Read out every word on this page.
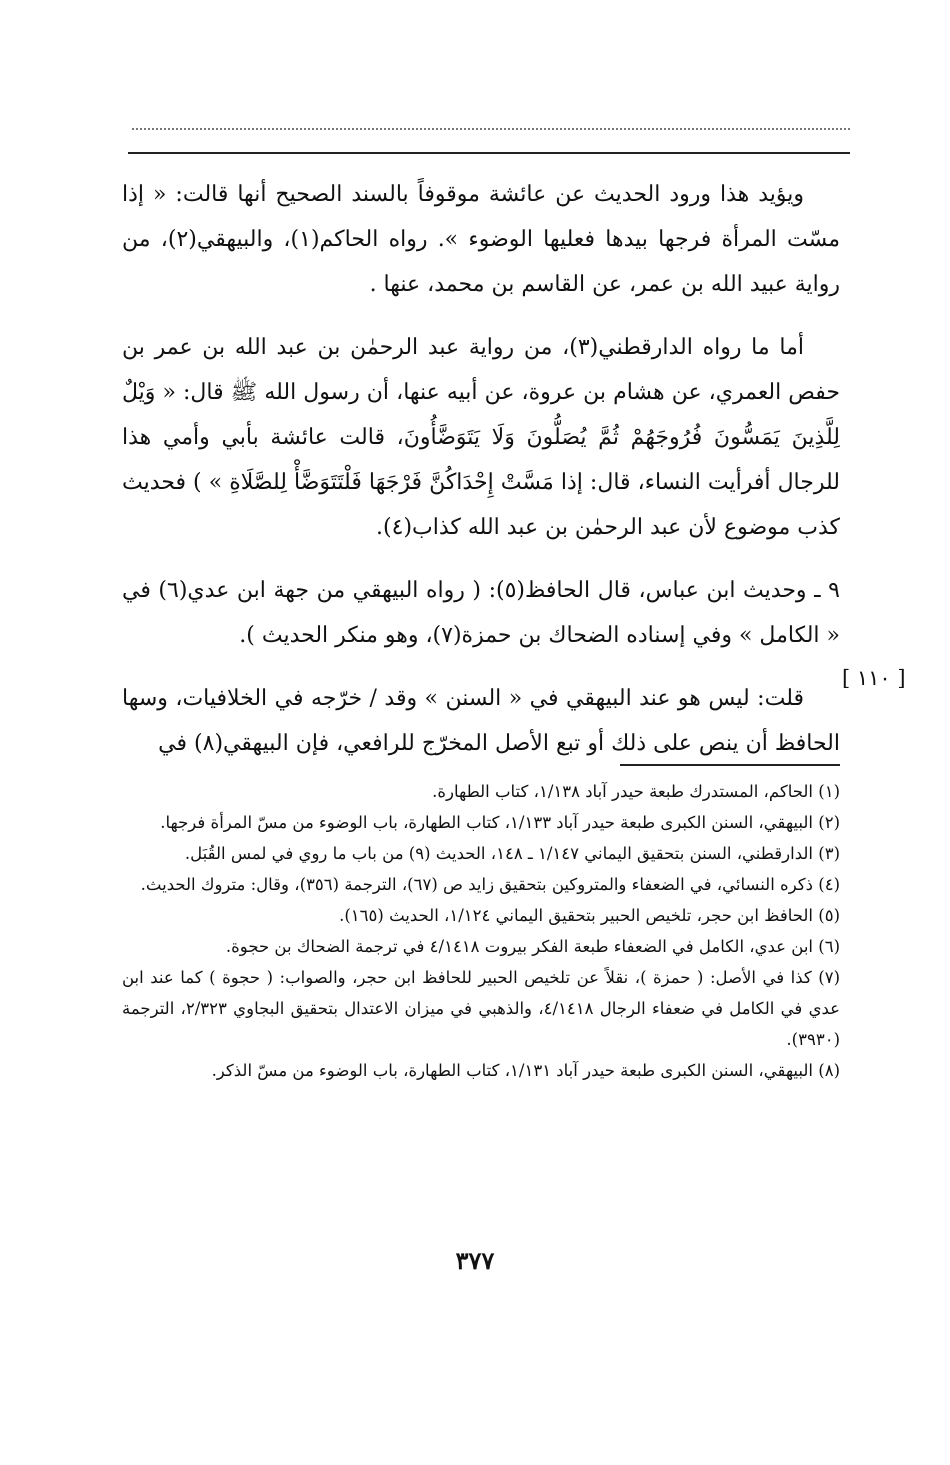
ويؤيد هذا ورود الحديث عن عائشة موقوفاً بالسند الصحيح أنها قالت: « إذا مسّت المرأة فرجها بيدها فعليها الوضوء ». رواه الحاكم(١)، والبيهقي(٢)، من رواية عبيد الله بن عمر، عن القاسم بن محمد، عنها .

أما ما رواه الدارقطني(٣)، من رواية عبد الرحمٰن بن عبد الله بن عمر بن حفص العمري، عن هشام بن عروة، عن أبيه عنها، أن رسول الله ﷺ قال: « وَيْلٌ لِلَّذِينَ يَمَسُّونَ فُرُوجَهُمْ ثُمَّ يُصَلُّونَ وَلَا يَتَوَضَّأُونَ، قالت عائشة بأبي وأمي هذا للرجال أفرأيت النساء، قال: إذا مَسَّتْ إِحْدَاكُنَّ فَرْجَهَا فَلْتَتَوَضَّأْ لِلصَّلَاةِ » ) فحديث كذب موضوع لأن عبد الرحمٰن بن عبد الله كذاب(٤).

٩ ـ وحديث ابن عباس، قال الحافظ(٥): ( رواه البيهقي من جهة ابن عدي(٦) في « الكامل » وفي إسناده الضحاك بن حمزة(٧)، وهو منكر الحديث ).

قلت: ليس هو عند البيهقي في « السنن » وقد / خرّجه في الخلافيات، وسها الحافظ أن ينص على ذلك أو تبع الأصل المخرّج للرافعي، فإن البيهقي(٨) في

[ ١١٠ ]

(١) الحاكم، المستدرك طبعة حيدر آباد ١/١٣٨، كتاب الطهارة.

(٢) البيهقي، السنن الكبرى طبعة حيدر آباد ١/١٣٣، كتاب الطهارة، باب الوضوء من مسّ المرأة فرجها.

(٣) الدارقطني، السنن بتحقيق اليماني ١/١٤٧ ـ ١٤٨، الحديث (٩) من باب ما روي في لمس القُبَل.

(٤) ذكره النسائي، في الضعفاء والمتروكين بتحقيق زايد ص (٦٧)، الترجمة (٣٥٦)، وقال: متروك الحديث.

(٥) الحافظ ابن حجر، تلخيص الحبير بتحقيق اليماني ١/١٢٤، الحديث (١٦٥).

(٦) ابن عدي، الكامل في الضعفاء طبعة الفكر بيروت ٤/١٤١٨ في ترجمة الضحاك بن حجوة.

(٧) كذا في الأصل: ( حمزة )، نقلاً عن تلخيص الحبير للحافظ ابن حجر، والصواب: ( حجوة ) كما عند ابن عدي في الكامل في ضعفاء الرجال ٤/١٤١٨، والذهبي في ميزان الاعتدال بتحقيق البجاوي ٢/٣٢٣، الترجمة (٣٩٣٠).

(٨) البيهقي، السنن الكبرى طبعة حيدر آباد ١/١٣١، كتاب الطهارة، باب الوضوء من مسّ الذكر.

٣٧٧
